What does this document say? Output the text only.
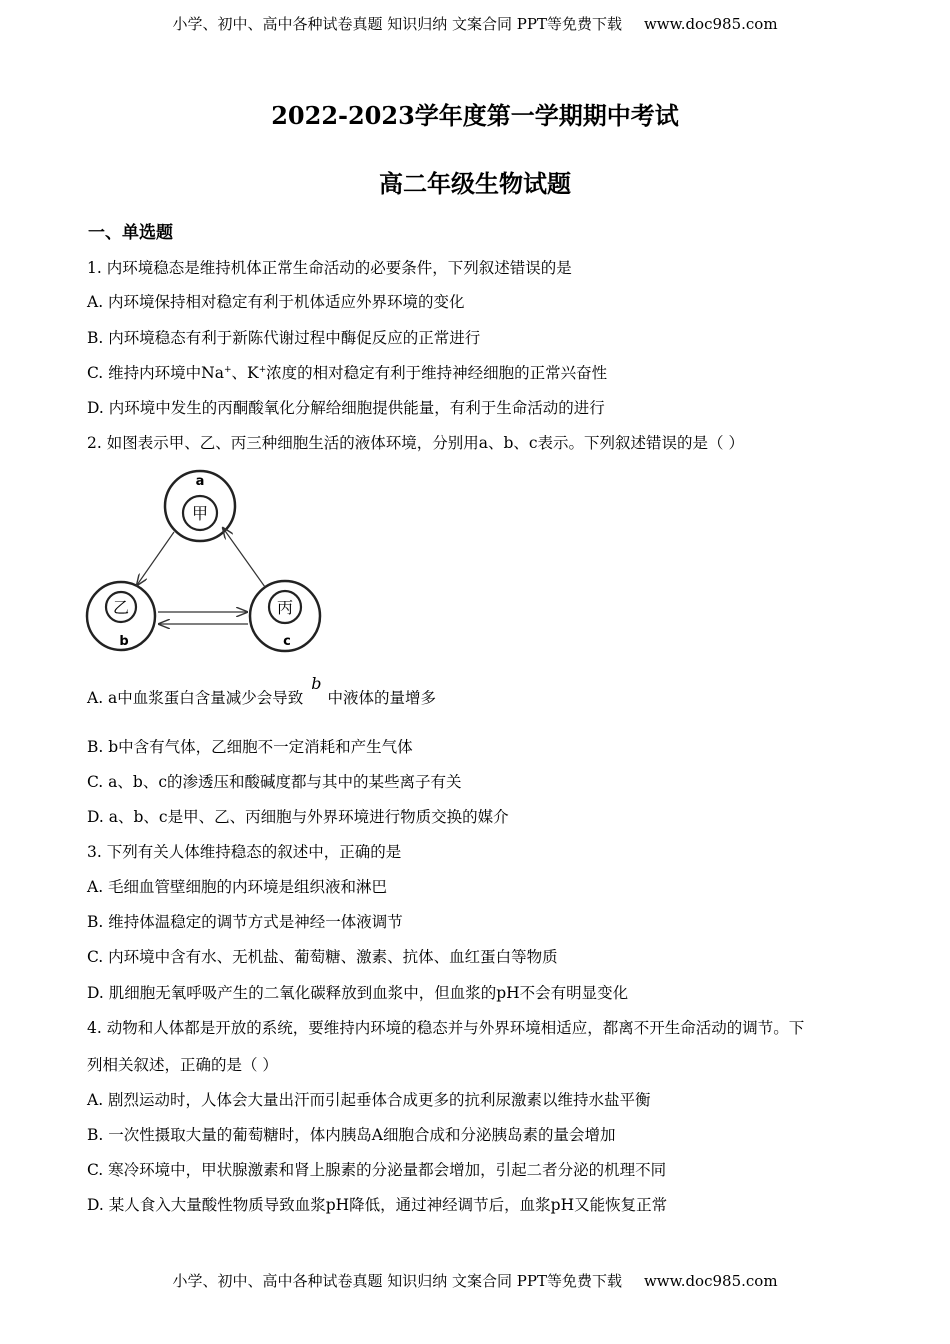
小学、初中、高中各种试卷真题 知识归纳 文案合同 PPT等免费下载 www.doc985.com
2022-2023学年度第一学期期中考试
高二年级生物试题
一、单选题
1. 内环境稳态是维持机体正常生命活动的必要条件，下列叙述错误的是
A. 内环境保持相对稳定有利于机体适应外界环境的变化
B. 内环境稳态有利于新陈代谢过程中酶促反应的正常进行
C. 维持内环境中Na+、K+浓度的相对稳定有利于维持神经细胞的正常兴奋性
D. 内环境中发生的丙酮酸氧化分解给细胞提供能量，有利于生命活动的进行
2. 如图表示甲、乙、丙三种细胞生活的液体环境，分别用a、b、c表示。下列叙述错误的是（ ）
a
甲
乙
b
丙
c
A. a中血浆蛋白含量减少会导致b中液体的量增多
B. b中含有气体，乙细胞不一定消耗和产生气体
C. a、b、c的渗透压和酸碱度都与其中的某些离子有关
D. a、b、c是甲、乙、丙细胞与外界环境进行物质交换的媒介
3. 下列有关人体维持稳态的叙述中，正确的是
A. 毛细血管壁细胞的内环境是组织液和淋巴
B. 维持体温稳定的调节方式是神经一体液调节
C. 内环境中含有水、无机盐、葡萄糖、激素、抗体、血红蛋白等物质
D. 肌细胞无氧呼吸产生的二氧化碳释放到血浆中，但血浆的pH不会有明显变化
4. 动物和人体都是开放的系统，要维持内环境的稳态并与外界环境相适应，都离不开生命活动的调节。下
列相关叙述，正确的是（ ）
A. 剧烈运动时，人体会大量出汗而引起垂体合成更多的抗利尿激素以维持水盐平衡
B. 一次性摄取大量的葡萄糖时，体内胰岛A细胞合成和分泌胰岛素的量会增加
C. 寒冷环境中，甲状腺激素和肾上腺素的分泌量都会增加，引起二者分泌的机理不同
D. 某人食入大量酸性物质导致血浆pH降低，通过神经调节后，血浆pH又能恢复正常
小学、初中、高中各种试卷真题 知识归纳 文案合同 PPT等免费下载 www.doc985.com
